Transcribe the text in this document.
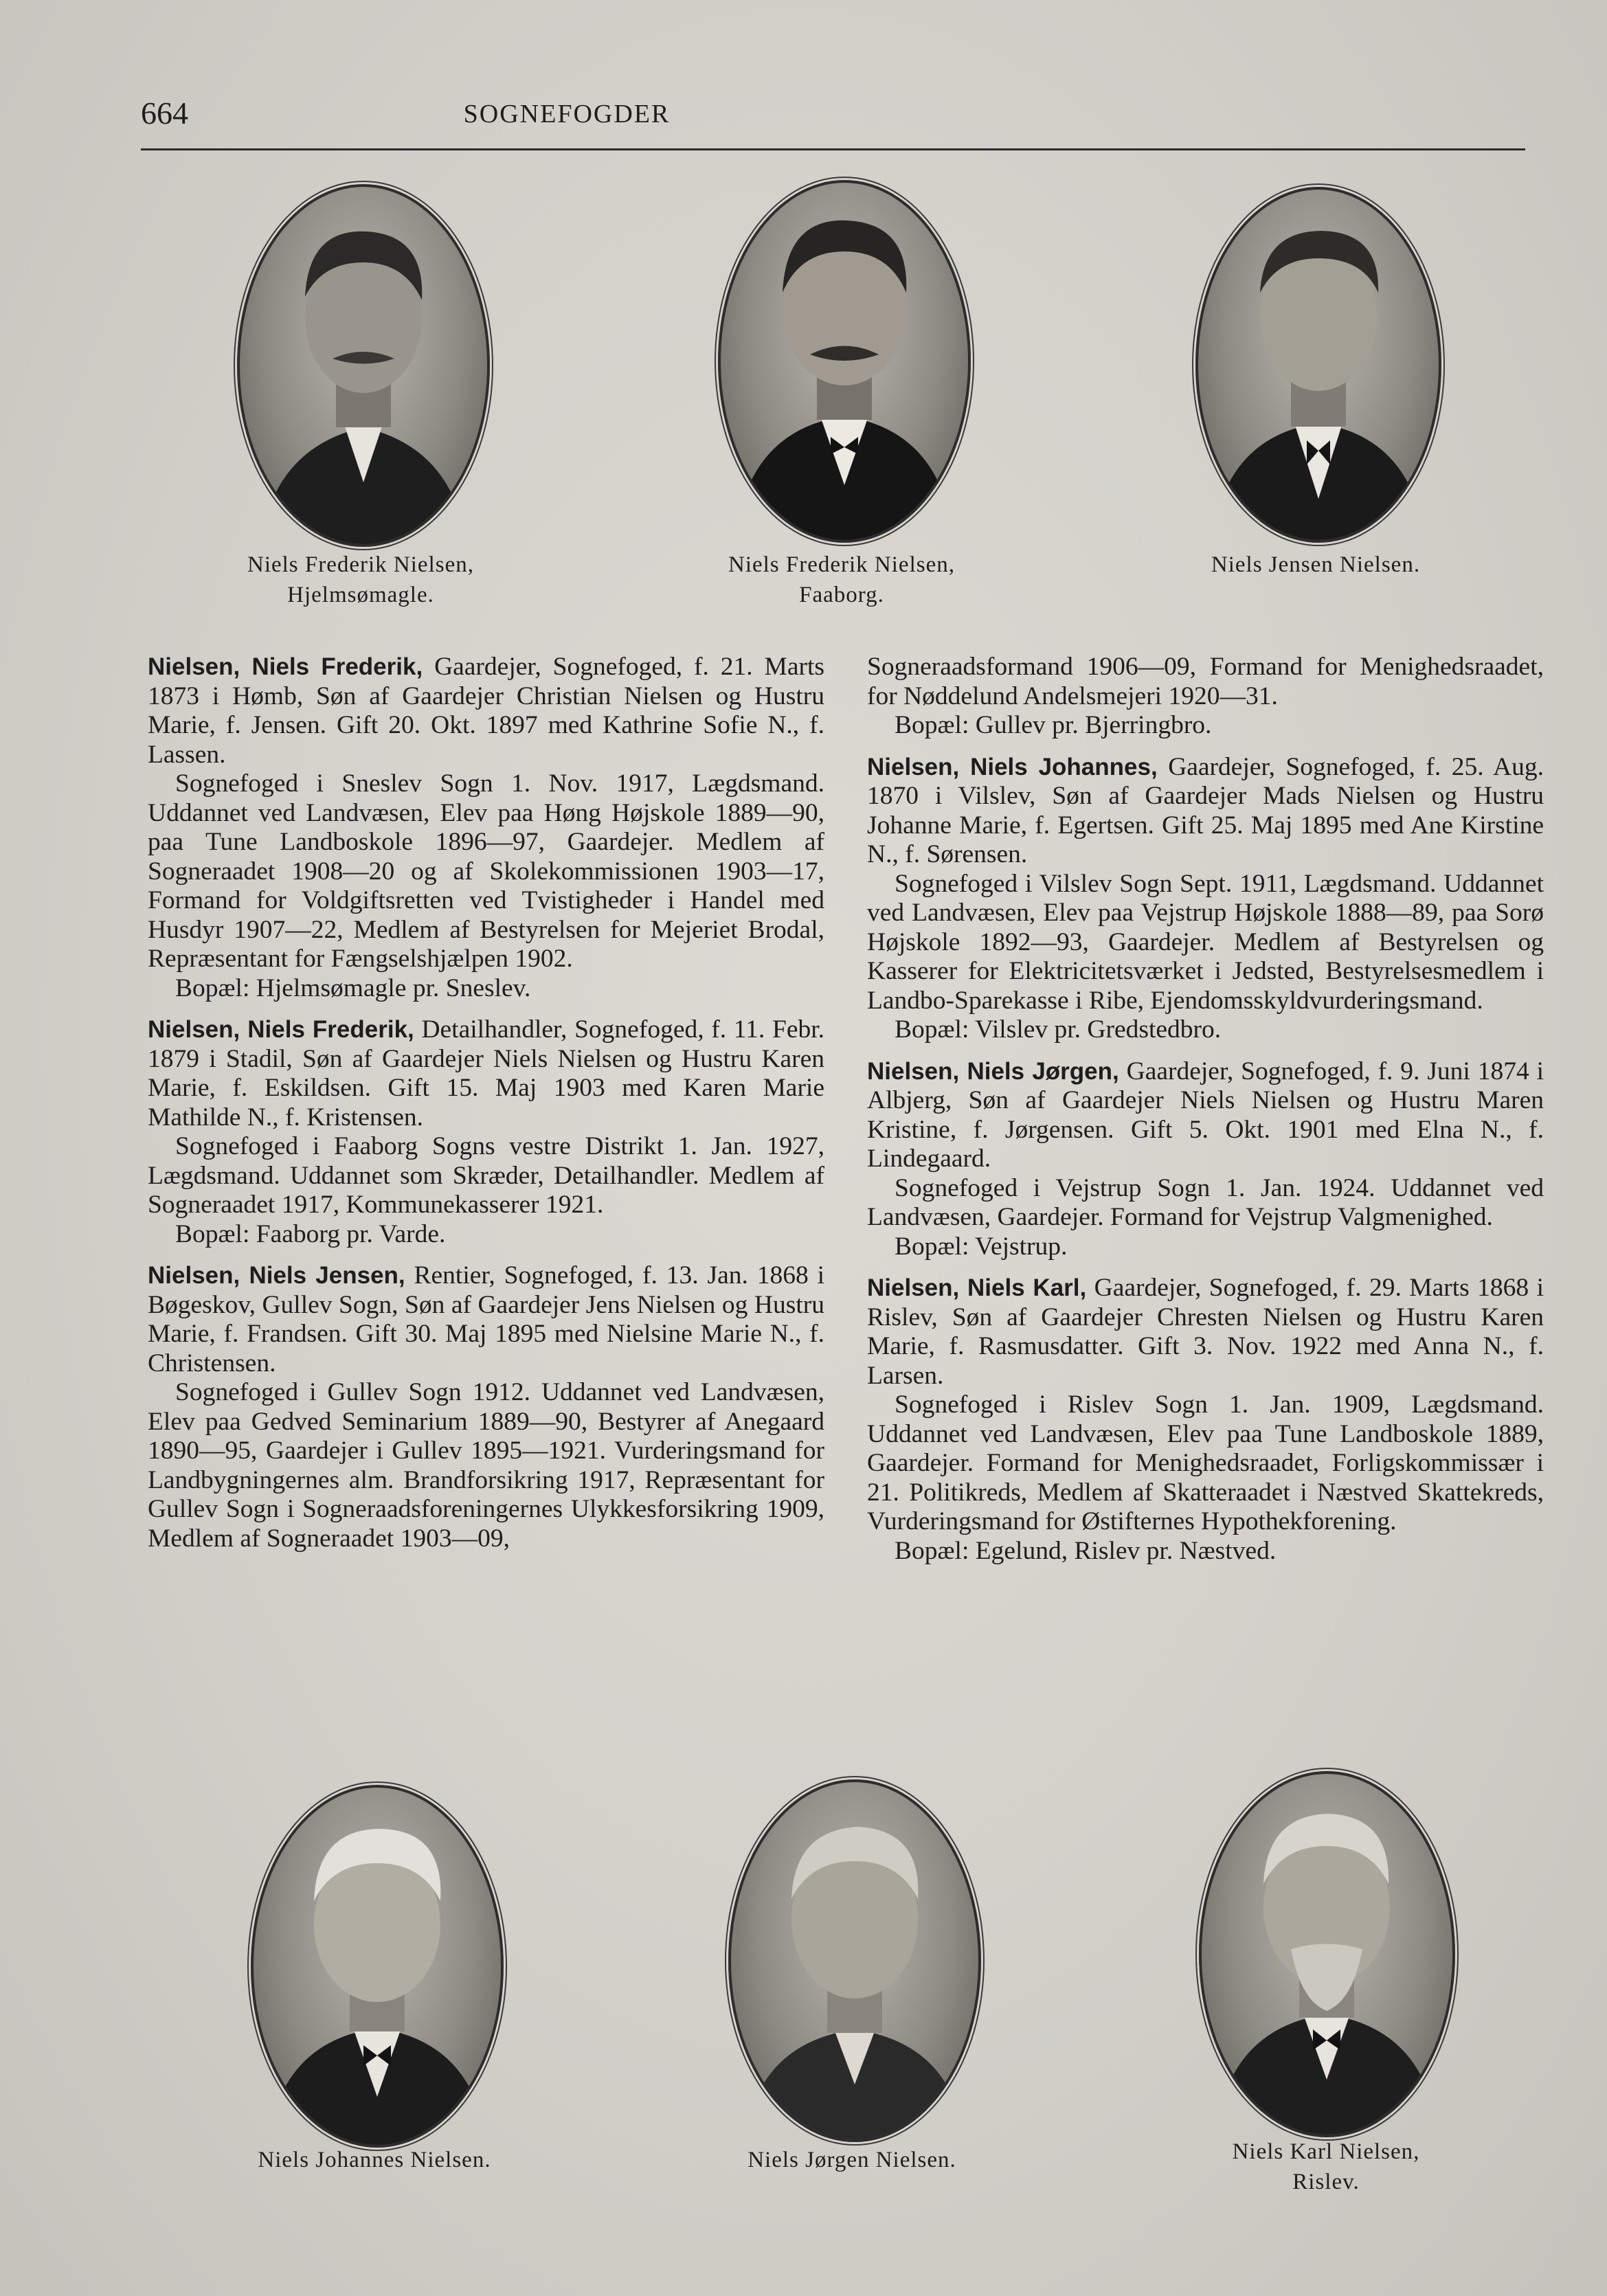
664	SOGNEFOGDER
Niels Frederik Nielsen,
Hjelmsømagle.
Niels Frederik Nielsen,
Faaborg.
Niels Jensen Nielsen.

Nielsen, Niels Frederik, Gaardejer, Sognefoged, f. 21. Marts 1873 i Hømb, Søn af Gaardejer Christian Nielsen og Hustru Marie, f. Jensen. Gift 20. Okt. 1897 med Kathrine Sofie N., f. Lassen.

Sognefoged i Sneslev Sogn 1. Nov. 1917, Lægdsmand. Uddannet ved Landvæsen, Elev paa Høng Højskole 1889—90, paa Tune Landboskole 1896—97, Gaardejer. Medlem af Sogneraadet 1908—20 og af Skolekommissionen 1903—17, Formand for Voldgiftsretten ved Tvistigheder i Handel med Husdyr 1907—22, Medlem af Bestyrelsen for Mejeriet Brodal, Repræsentant for Fængselshjælpen 1902.

Bopæl: Hjelmsømagle pr. Sneslev.

Nielsen, Niels Frederik, Detailhandler, Sognefoged, f. 11. Febr. 1879 i Stadil, Søn af Gaardejer Niels Nielsen og Hustru Karen Marie, f. Eskildsen. Gift 15. Maj 1903 med Karen Marie Mathilde N., f. Kristensen.

Sognefoged i Faaborg Sogns vestre Distrikt 1. Jan. 1927, Lægdsmand. Uddannet som Skræder, Detailhandler. Medlem af Sogneraadet 1917, Kommunekasserer 1921.

Bopæl: Faaborg pr. Varde.

Nielsen, Niels Jensen, Rentier, Sognefoged, f. 13. Jan. 1868 i Bøgeskov, Gullev Sogn, Søn af Gaardejer Jens Nielsen og Hustru Marie, f. Frandsen. Gift 30. Maj 1895 med Nielsine Marie N., f. Christensen.

Sognefoged i Gullev Sogn 1912. Uddannet ved Landvæsen, Elev paa Gedved Seminarium 1889—90, Bestyrer af Anegaard 1890—95, Gaardejer i Gullev 1895—1921. Vurderingsmand for Landbygningernes alm. Brandforsikring 1917, Repræsentant for Gullev Sogn i Sogneraadsforeningernes Ulykkesforsikring 1909, Medlem af Sogneraadet 1903—09,

Sogneraadsformand 1906—09, Formand for Menighedsraadet, for Nøddelund Andelsmejeri 1920—31.

Bopæl: Gullev pr. Bjerringbro.

Nielsen, Niels Johannes, Gaardejer, Sognefoged, f. 25. Aug. 1870 i Vilslev, Søn af Gaardejer Mads Nielsen og Hustru Johanne Marie, f. Egertsen. Gift 25. Maj 1895 med Ane Kirstine N., f. Sørensen.

Sognefoged i Vilslev Sogn Sept. 1911, Lægdsmand. Uddannet ved Landvæsen, Elev paa Vejstrup Højskole 1888—89, paa Sorø Højskole 1892—93, Gaardejer. Medlem af Bestyrelsen og Kasserer for Elektricitetsværket i Jedsted, Bestyrelsesmedlem i Landbo-Sparekasse i Ribe, Ejendomsskyldvurderingsmand.

Bopæl: Vilslev pr. Gredstedbro.

Nielsen, Niels Jørgen, Gaardejer, Sognefoged, f. 9. Juni 1874 i Albjerg, Søn af Gaardejer Niels Nielsen og Hustru Maren Kristine, f. Jørgensen. Gift 5. Okt. 1901 med Elna N., f. Lindegaard.

Sognefoged i Vejstrup Sogn 1. Jan. 1924. Uddannet ved Landvæsen, Gaardejer. Formand for Vejstrup Valgmenighed.

Bopæl: Vejstrup.

Nielsen, Niels Karl, Gaardejer, Sognefoged, f. 29. Marts 1868 i Rislev, Søn af Gaardejer Chresten Nielsen og Hustru Karen Marie, f. Rasmusdatter. Gift 3. Nov. 1922 med Anna N., f. Larsen.

Sognefoged i Rislev Sogn 1. Jan. 1909, Lægdsmand. Uddannet ved Landvæsen, Elev paa Tune Landboskole 1889, Gaardejer. Formand for Menighedsraadet, Forligskommissær i 21. Politikreds, Medlem af Skatteraadet i Næstved Skattekreds, Vurderingsmand for Østifternes Hypothekforening.

Bopæl: Egelund, Rislev pr. Næstved.

Niels Johannes Nielsen.	Niels Jørgen Nielsen.	Niels Karl Nielsen,
Rislev.
